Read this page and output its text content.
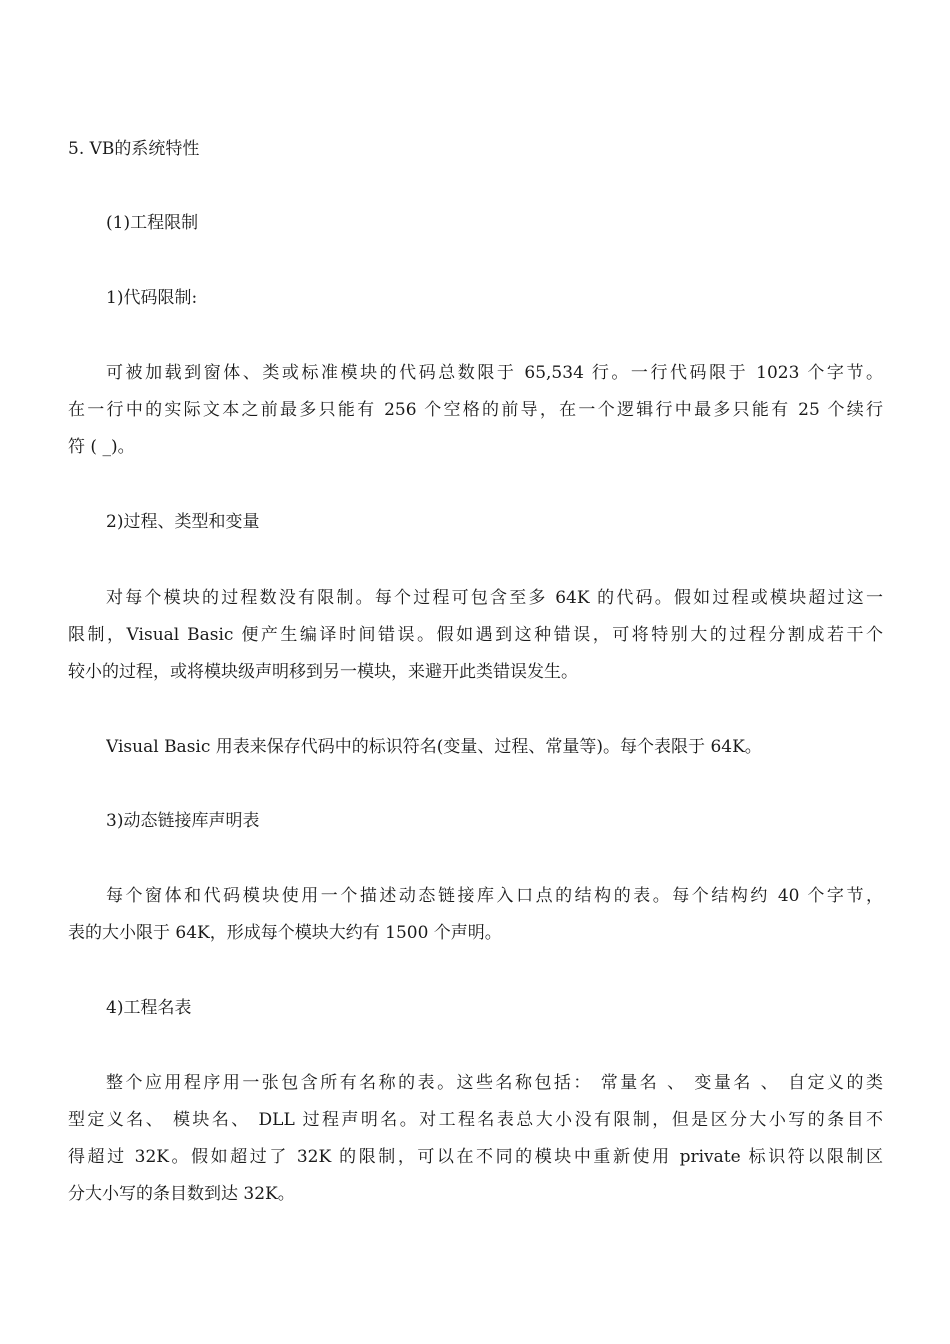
5. VB的系统特性
(1)工程限制
1)代码限制:
可被加载到窗体、类或标准模块的代码总数限于 65,534 行。一行代码限于 1023 个字节。
在一行中的实际文本之前最多只能有 256 个空格的前导，在一个逻辑行中最多只能有 25 个续行
符 ( _)。
2)过程、类型和变量
对每个模块的过程数没有限制。每个过程可包含至多 64K 的代码。假如过程或模块超过这一
限制，Visual Basic 便产生编译时间错误。假如遇到这种错误，可将特别大的过程分割成若干个
较小的过程，或将模块级声明移到另一模块，来避开此类错误发生。
Visual Basic 用表来保存代码中的标识符名(变量、过程、常量等)。每个表限于 64K。
3)动态链接库声明表
每个窗体和代码模块使用一个描述动态链接库入口点的结构的表。每个结构约 40 个字节，
表的大小限于 64K，形成每个模块大约有 1500 个声明。
4)工程名表
整个应用程序用一张包含所有名称的表。这些名称包括： 常量名 、 变量名 、 自定义的类
型定义名、 模块名、 DLL 过程声明名。对工程名表总大小没有限制，但是区分大小写的条目不
得超过 32K。假如超过了 32K 的限制，可以在不同的模块中重新使用 private 标识符以限制区
分大小写的条目数到达 32K。
